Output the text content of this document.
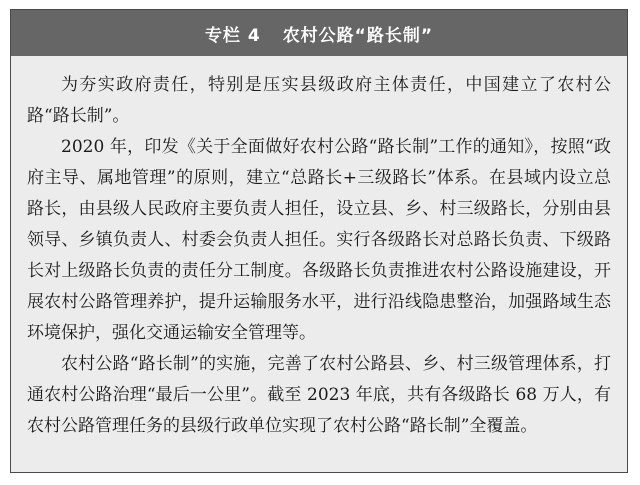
专栏 4 农村公路“路长制”

为夯实政府责任，特别是压实县级政府主体责任，中国建立了农村公路“路长制”。

2020 年，印发《关于全面做好农村公路“路长制”工作的通知》，按照“政府主导、属地管理”的原则，建立“总路长+三级路长”体系。在县域内设立总路长，由县级人民政府主要负责人担任，设立县、乡、村三级路长，分别由县领导、乡镇负责人、村委会负责人担任。实行各级路长对总路长负责、下级路长对上级路长负责的责任分工制度。各级路长负责推进农村公路设施建设，开展农村公路管理养护，提升运输服务水平，进行沿线隐患整治，加强路域生态环境保护，强化交通运输安全管理等。

农村公路“路长制”的实施，完善了农村公路县、乡、村三级管理体系，打通农村公路治理“最后一公里”。截至 2023 年底，共有各级路长 68 万人，有农村公路管理任务的县级行政单位实现了农村公路“路长制”全覆盖。
